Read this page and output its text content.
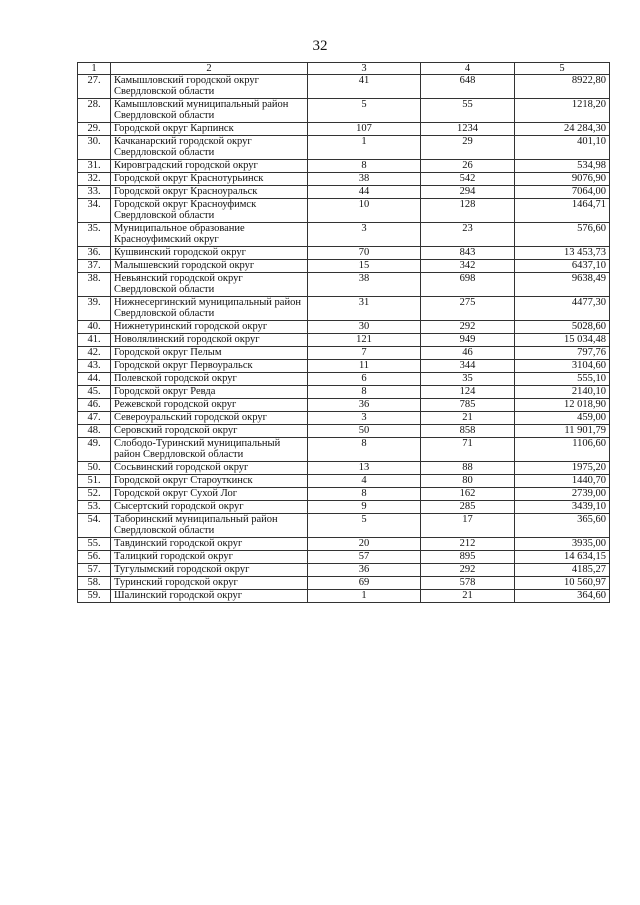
32
1	2	3	4	5
27.	Камышловский городской округ Свердловской области	41	648	8922,80
28.	Камышловский муниципальный район Свердловской области	5	55	1218,20
29.	Городской округ Карпинск	107	1234	24 284,30
30.	Качканарский городской округ Свердловской области	1	29	401,10
31.	Кировградский городской округ	8	26	534,98
32.	Городской округ Краснотурьинск	38	542	9076,90
33.	Городской округ Красноуральск	44	294	7064,00
34.	Городской округ Красноуфимск Свердловской области	10	128	1464,71
35.	Муниципальное образование Красноуфимский округ	3	23	576,60
36.	Кушвинский городской округ	70	843	13 453,73
37.	Малышевский городской округ	15	342	6437,10
38.	Невьянский городской округ Свердловской области	38	698	9638,49
39.	Нижнесергинский муниципальный район Свердловской области	31	275	4477,30
40.	Нижнетуринский городской округ	30	292	5028,60
41.	Новолялинский городской округ	121	949	15 034,48
42.	Городской округ Пелым	7	46	797,76
43.	Городской округ Первоуральск	11	344	3104,60
44.	Полевской городской округ	6	35	555,10
45.	Городской округ Ревда	8	124	2140,10
46.	Режевской городской округ	36	785	12 018,90
47.	Североуральский городской округ	3	21	459,00
48.	Серовский городской округ	50	858	11 901,79
49.	Слободо-Туринский муниципальный район Свердловской области	8	71	1106,60
50.	Сосьвинский городской округ	13	88	1975,20
51.	Городской округ Староуткинск	4	80	1440,70
52.	Городской округ Сухой Лог	8	162	2739,00
53.	Сысертский городской округ	9	285	3439,10
54.	Таборинский муниципальный район Свердловской области	5	17	365,60
55.	Тавдинский городской округ	20	212	3935,00
56.	Талицкий городской округ	57	895	14 634,15
57.	Тугулымский городской округ	36	292	4185,27
58.	Туринский городской округ	69	578	10 560,97
59.	Шалинский городской округ	1	21	364,60
